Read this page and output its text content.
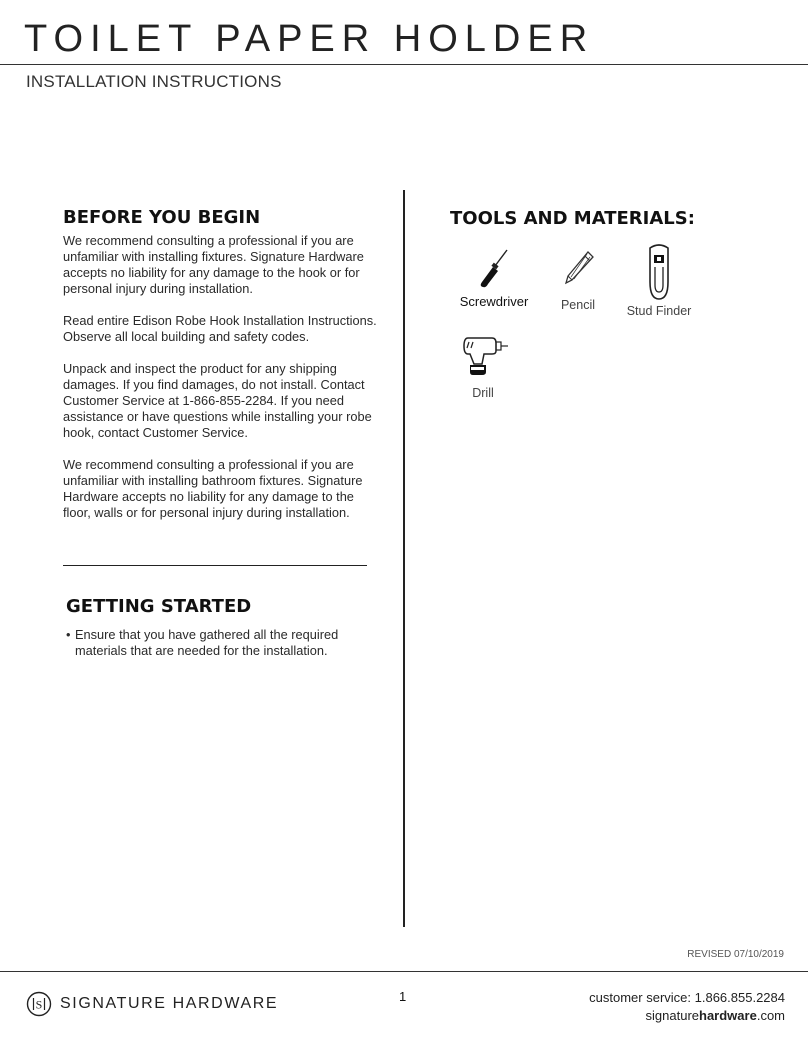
TOILET PAPER HOLDER
INSTALLATION INSTRUCTIONS
BEFORE YOU BEGIN

We recommend consulting a professional if you are unfamiliar with installing fixtures. Signature Hardware accepts no liability for any damage to the hook or for personal injury during installation.

Read entire Edison Robe Hook Installation Instructions. Observe all local building and safety codes.

Unpack and inspect the product for any shipping damages. If you find damages, do not install. Contact Customer Service at 1-866-855-2284. If you need assistance or have questions while installing your robe hook, contact Customer Service.

We recommend consulting a professional if you are unfamiliar with installing bathroom fixtures. Signature Hardware accepts no liability for any damage to the floor, walls or for personal injury during installation.

GETTING STARTED
• Ensure that you have gathered all the required materials that are needed for the installation.
TOOLS AND MATERIALS:
Screwdriver	Pencil	Stud Finder
Drill
REVISED 07/10/2019
S SIGNATURE HARDWARE	1	customer service: 1.866.855.2284
signaturehardware.com
